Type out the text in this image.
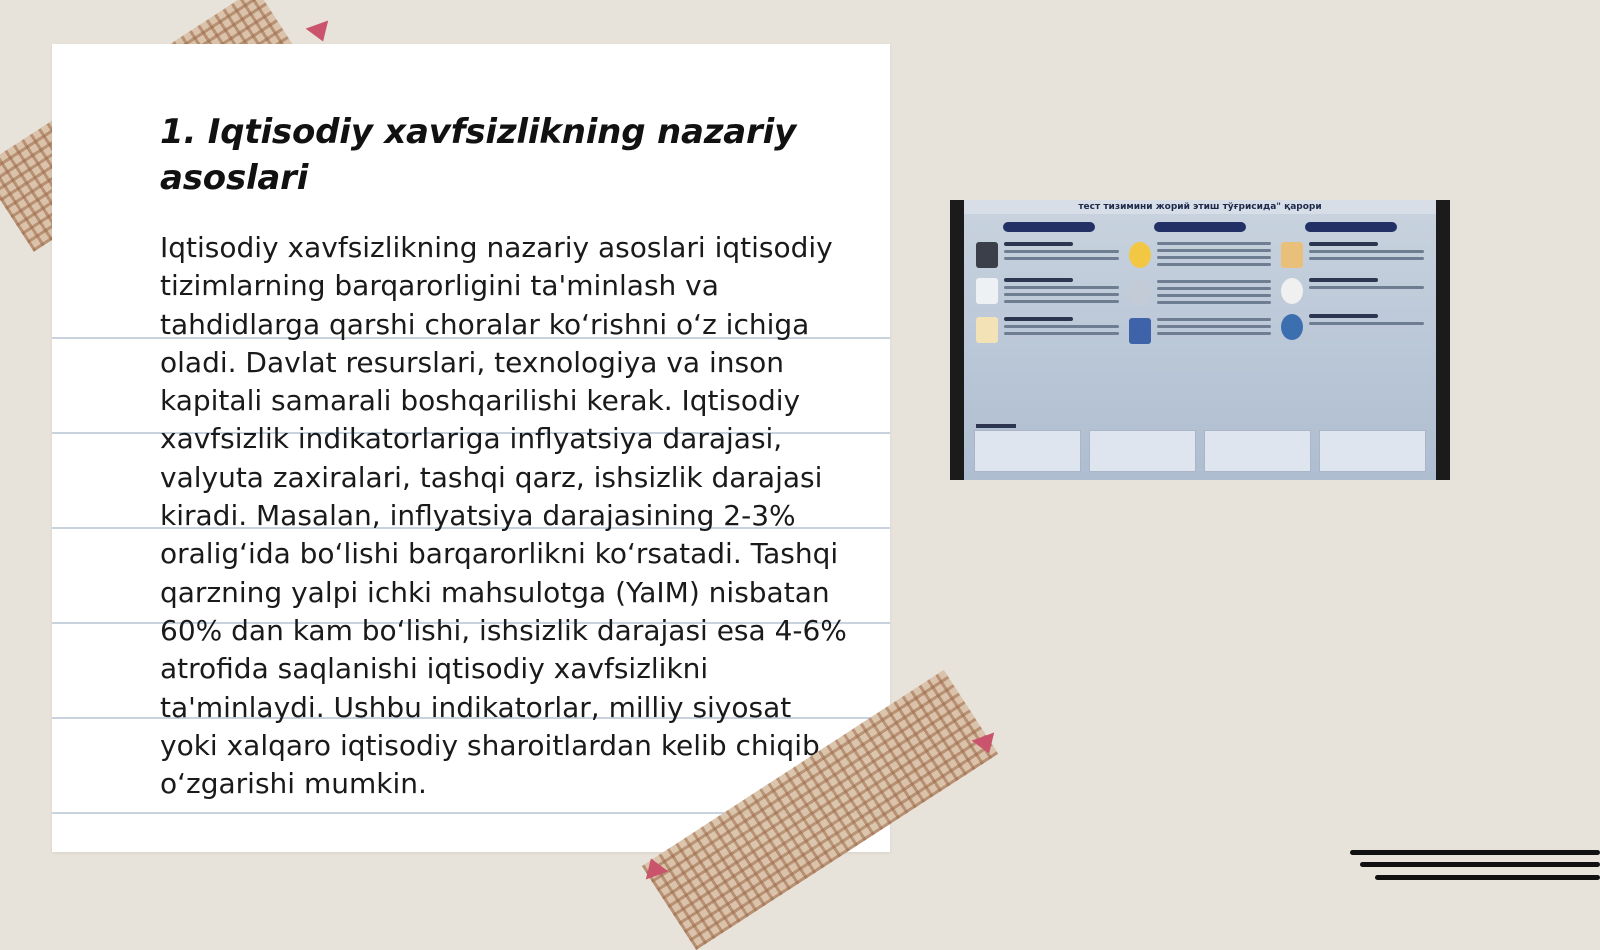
1. Iqtisodiy xavfsizlikning nazariy asoslari

Iqtisodiy xavfsizlikning nazariy asoslari iqtisodiy tizimlarning barqarorligini ta'minlash va tahdidlarga qarshi choralar ko‘rishni o‘z ichiga oladi. Davlat resurslari, texnologiya va inson kapitali samarali boshqarilishi kerak. Iqtisodiy xavfsizlik indikatorlariga inflyatsiya darajasi, valyuta zaxiralari, tashqi qarz, ishsizlik darajasi kiradi. Masalan, inflyatsiya darajasining 2-3% oralig‘ida bo‘lishi barqarorlikni ko‘rsatadi. Tashqi qarzning yalpi ichki mahsulotga (YaIM) nisbatan 60% dan kam bo‘lishi, ishsizlik darajasi esa 4-6% atrofida saqlanishi iqtisodiy xavfsizlikni ta'minlaydi. Ushbu indikatorlar, milliy siyosat yoki xalqaro iqtisodiy sharoitlardan kelib chiqib o‘zgarishi mumkin.

тест тизимини жорий этиш тўғрисида" қарори
